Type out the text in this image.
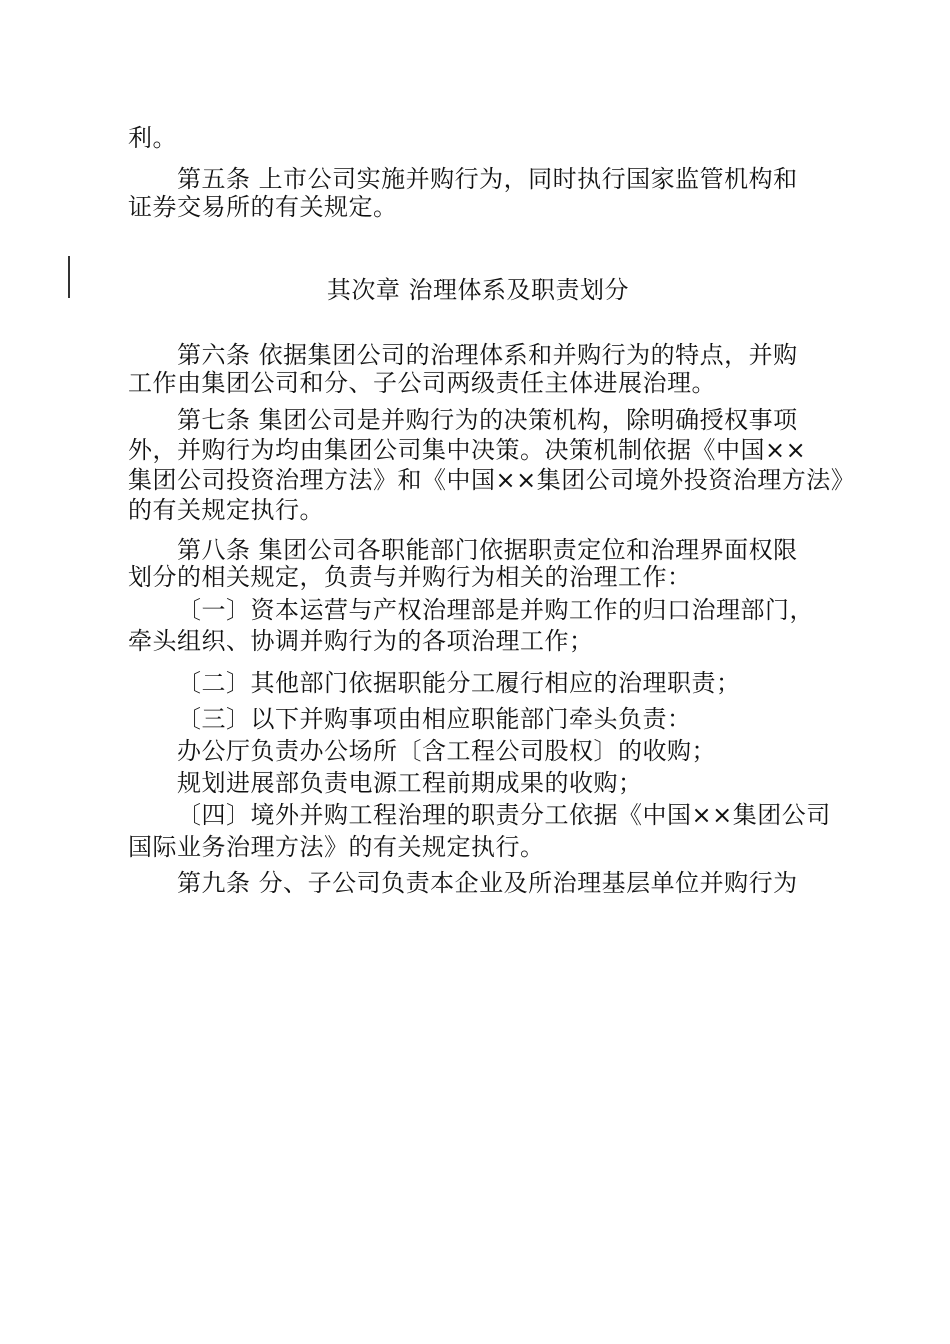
利。
第五条 上市公司实施并购行为，同时执行国家监管机构和
证券交易所的有关规定。
其次章 治理体系及职责划分
第六条 依据集团公司的治理体系和并购行为的特点，并购
工作由集团公司和分、子公司两级责任主体进展治理。
第七条 集团公司是并购行为的决策机构，除明确授权事项
外，并购行为均由集团公司集中决策。决策机制依据《中国××
集团公司投资治理方法》和《中国××集团公司境外投资治理方法》
的有关规定执行。
第八条 集团公司各职能部门依据职责定位和治理界面权限
划分的相关规定，负责与并购行为相关的治理工作：
〔一〕资本运营与产权治理部是并购工作的归口治理部门，
牵头组织、协调并购行为的各项治理工作；
〔二〕其他部门依据职能分工履行相应的治理职责；
〔三〕以下并购事项由相应职能部门牵头负责：
办公厅负责办公场所〔含工程公司股权〕的收购；
规划进展部负责电源工程前期成果的收购；
〔四〕境外并购工程治理的职责分工依据《中国××集团公司
国际业务治理方法》的有关规定执行。
第九条 分、子公司负责本企业及所治理基层单位并购行为
